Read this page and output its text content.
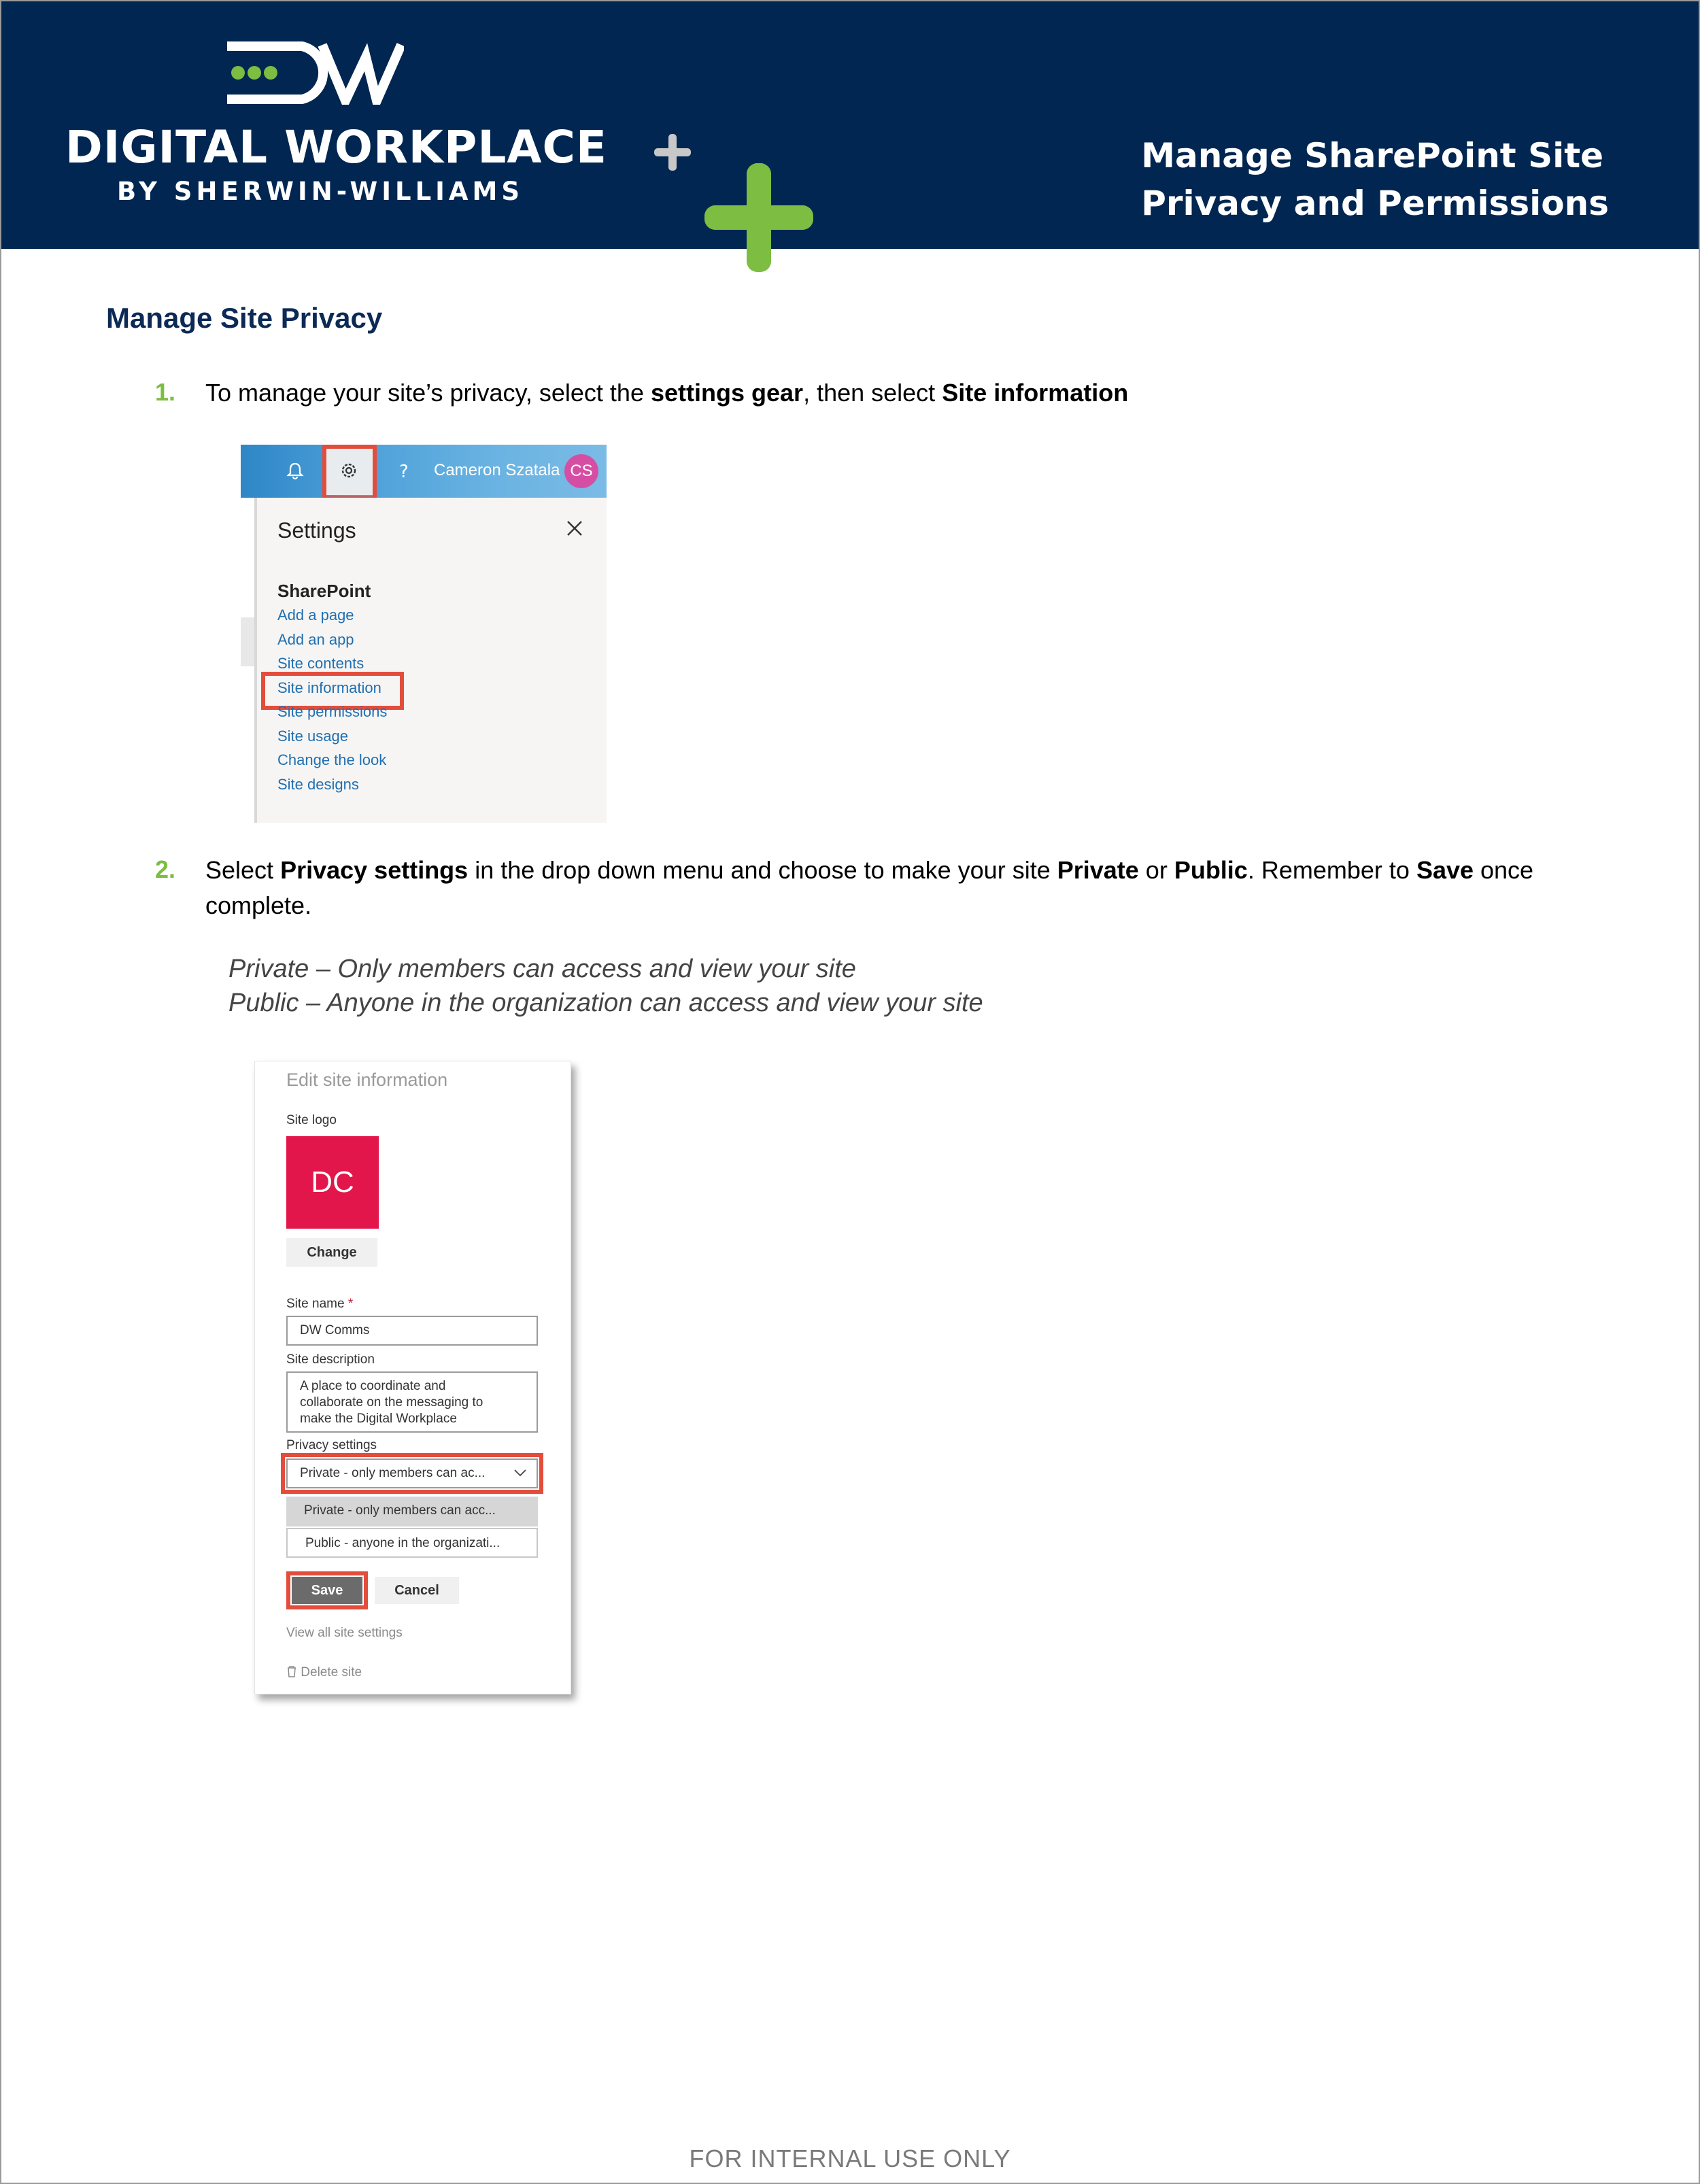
DIGITAL WORKPLACE
BY SHERWIN-WILLIAMS
Manage SharePoint Site
Privacy and Permissions
Manage Site Privacy
1. To manage your site’s privacy, select the settings gear, then select Site information
? Cameron Szatala CS
Settings
SharePoint
Add a page
Add an app
Site contents
Site information
Site permissions
Site usage
Change the look
Site designs
2. Select Privacy settings in the drop down menu and choose to make your site Private or Public. Remember to Save once
complete.
Private – Only members can access and view your site
Public – Anyone in the organization can access and view your site
Edit site information
Site logo
DC
Change
Site name *
DW Comms
Site description
A place to coordinate and
collaborate on the messaging to
make the Digital Workplace
Privacy settings
Private - only members can ac...
Private - only members can acc...
Public - anyone in the organizati...
Save	Cancel
View all site settings
Delete site
FOR INTERNAL USE ONLY
